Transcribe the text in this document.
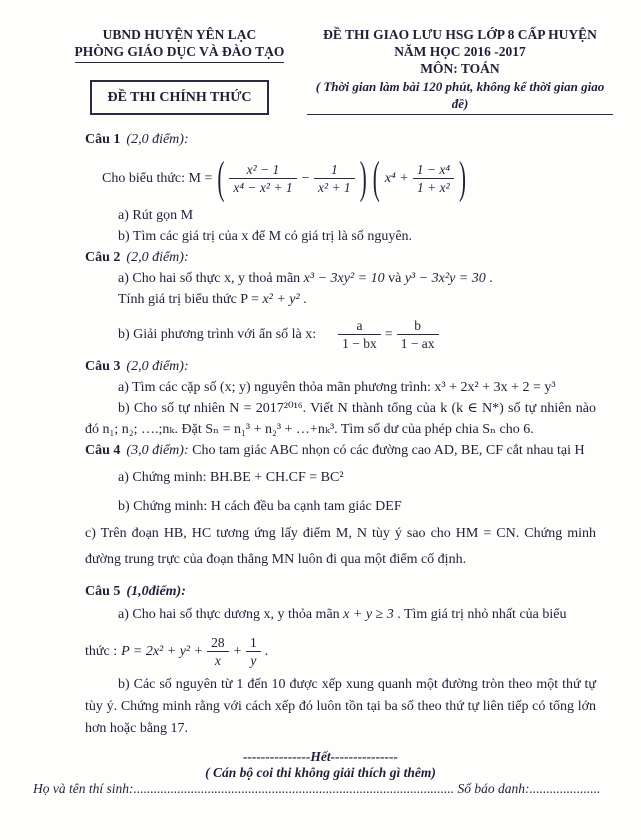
UBND HUYỆN YÊN LẠC
PHÒNG GIÁO DỤC VÀ ĐÀO TẠO
ĐỀ THI CHÍNH THỨC
ĐỀ THI GIAO LƯU HSG LỚP 8 CẤP HUYỆN
NĂM HỌC 2016 -2017
MÔN: TOÁN
( Thời gian làm bài 120 phút, không kể thời gian giao đề)

Câu 1 (2,0 điểm):

Cho biểu thức: M = ( $\frac{\text{x² − 1}}{\text{x⁴ − x² + 1}} - \frac{1}{\text{x² + 1}}$ ) ( $x^4 + \frac{\text{1 − x⁴}}{\text{1 + x²}}$ )

a) Rút gọn M

b) Tìm các giá trị của x để M có giá trị là số nguyên.

Câu 2 (2,0 điểm):

a) Cho hai số thực x, y thoả mãn x³ − 3xy² = 10 và y³ − 3x²y = 30 .

Tính giá trị biểu thức P = x² + y² .

b) Giải phương trình với ẩn số là x: $\frac{a}{1 - bx} = \frac{b}{1 - ax}$

Câu 3 (2,0 điểm):

a) Tìm các cặp số (x; y) nguyên thỏa mãn phương trình: x³ + 2x² + 3x + 2 = y³

b) Cho số tự nhiên N = 2017²⁰¹⁶. Viết N thành tổng của k (k ∈ N*) số tự nhiên nào đó n₁; n₂; ….;nₖ. Đặt Sₙ = n₁³ + n₂³ + …+nₖ³. Tìm số dư của phép chia Sₙ cho 6.

Câu 4 (3,0 điểm): Cho tam giác ABC nhọn có các đường cao AD, BE, CF cắt nhau tại H

a) Chứng minh: BH.BE + CH.CF = BC²

b) Chứng minh: H cách đều ba cạnh tam giác DEF

c) Trên đoạn HB, HC tương ứng lấy điểm M, N tùy ý sao cho HM = CN. Chứng minh đường trung trực của đoạn thẳng MN luôn đi qua một điểm cố định.

Câu 5 (1,0điểm):

a) Cho hai số thực dương x, y thỏa mãn x + y ≥ 3 . Tìm giá trị nhỏ nhất của biểu

thức : $P = 2x^2 + y^2 + \frac{28}{x} + \frac{1}{y}$ .

b) Các số nguyên từ 1 đến 10 được xếp xung quanh một đường tròn theo một thứ tự tùy ý. Chứng minh rằng với cách xếp đó luôn tồn tại ba số theo thứ tự liên tiếp có tổng lớn hơn hoặc bằng 17.

---------------Hết---------------
( Cán bộ coi thi không giải thích gì thêm)
Họ và tên thí sinh:............................................................................................... Số báo danh:.....................
